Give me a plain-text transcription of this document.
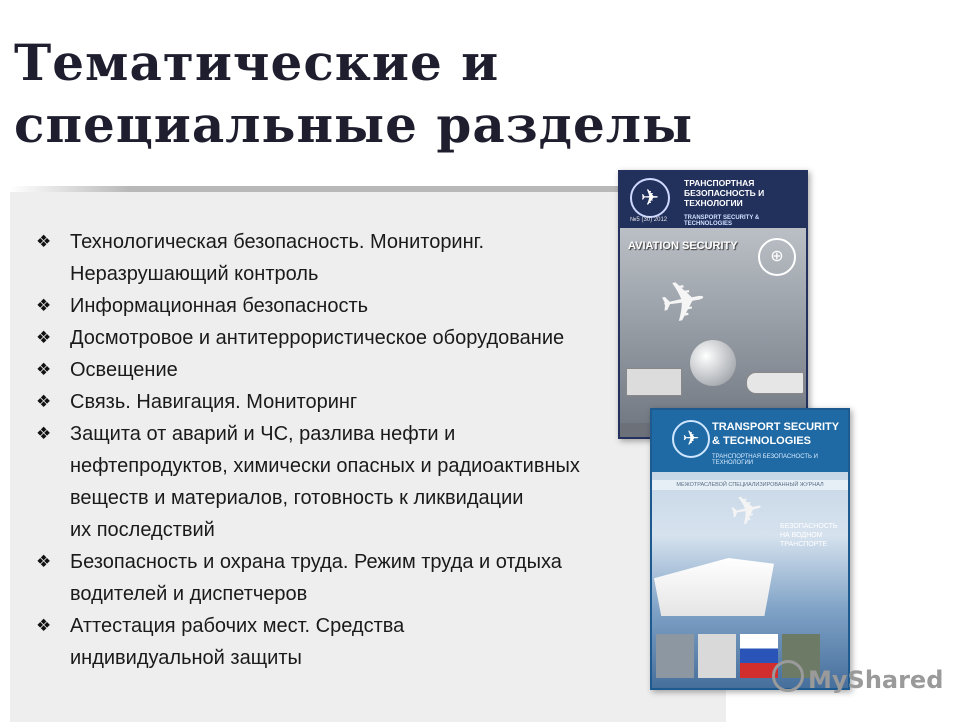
Тематические и
специальные разделы
❖ Технологическая безопасность. Мониторинг.
Неразрушающий контроль
❖ Информационная безопасность
❖ Досмотровое и антитеррористическое оборудование
❖ Освещение
❖ Связь. Навигация. Мониторинг
❖ Защита от аварий и ЧС, разлива нефти и
нефтепродуктов, химически опасных и радиоактивных
веществ и материалов, готовность к ликвидации
их последствий
❖ Безопасность и охрана труда. Режим труда и отдыха
водителей и диспетчеров
❖ Аттестация рабочих мест. Средства
индивидуальной защиты
✈
ТРАНСПОРТНАЯ БЕЗОПАСНОСТЬ И ТЕХНОЛОГИИ
№5 (30) 2012	TRANSPORT SECURITY & TECHNOLOGIES
AVIATION SECURITY
⊕
✈
✈
TRANSPORT SECURITY
& TECHNOLOGIES
ТРАНСПОРТНАЯ БЕЗОПАСНОСТЬ И ТЕХНОЛОГИИ
МЕЖОТРАСЛЕВОЙ СПЕЦИАЛИЗИРОВАННЫЙ ЖУРНАЛ
✈ БЕЗОПАСНОСТЬ НА ВОДНОМ ТРАНСПОРТЕ
MyShared
